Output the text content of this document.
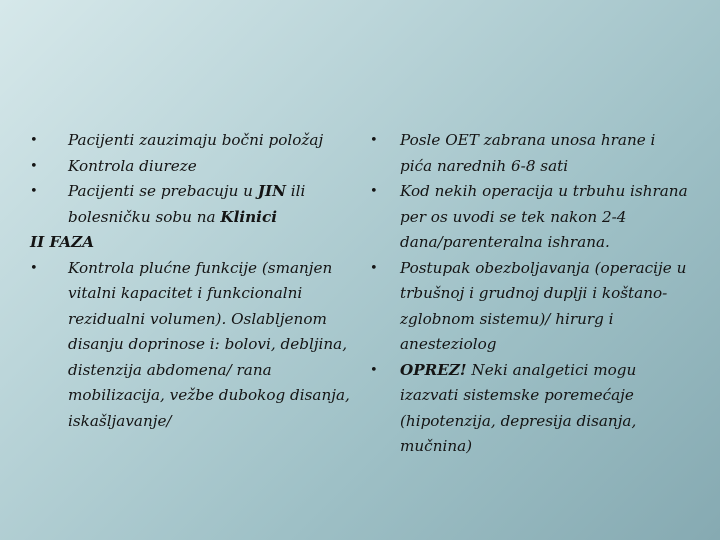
• Pacijenti zauzimaju bočni položaj
• Kontrola diureze
• Pacijenti se prebacuju u JIN ili bolesničku sobu na Klinici
II FAZA
• Kontrola plućne funkcije (smanjen vitalni kapacitet i funkcionalni rezidualni volumen). Oslabljenom disanju doprinose i: bolovi, debljina, distenzija abdomena/ rana mobilizacija, vežbe dubokog disanja, iskašljavanje/
• Posle OET zabrana unosa hrane i pića narednih 6-8 sati
• Kod nekih operacija u trbuhu ishrana per os uvodi se tek nakon 2-4 dana/parenteralna ishrana.
• Postupak obezboljavanja (operacije u trbušnoj i grudnoj duplji i koštano-zglobnom sistemu)/ hirurg i anesteziolog
• OPREZ! Neki analgetici mogu izazvati sistemske poremećaje (hipotenzija, depresija disanja, mučnina)
